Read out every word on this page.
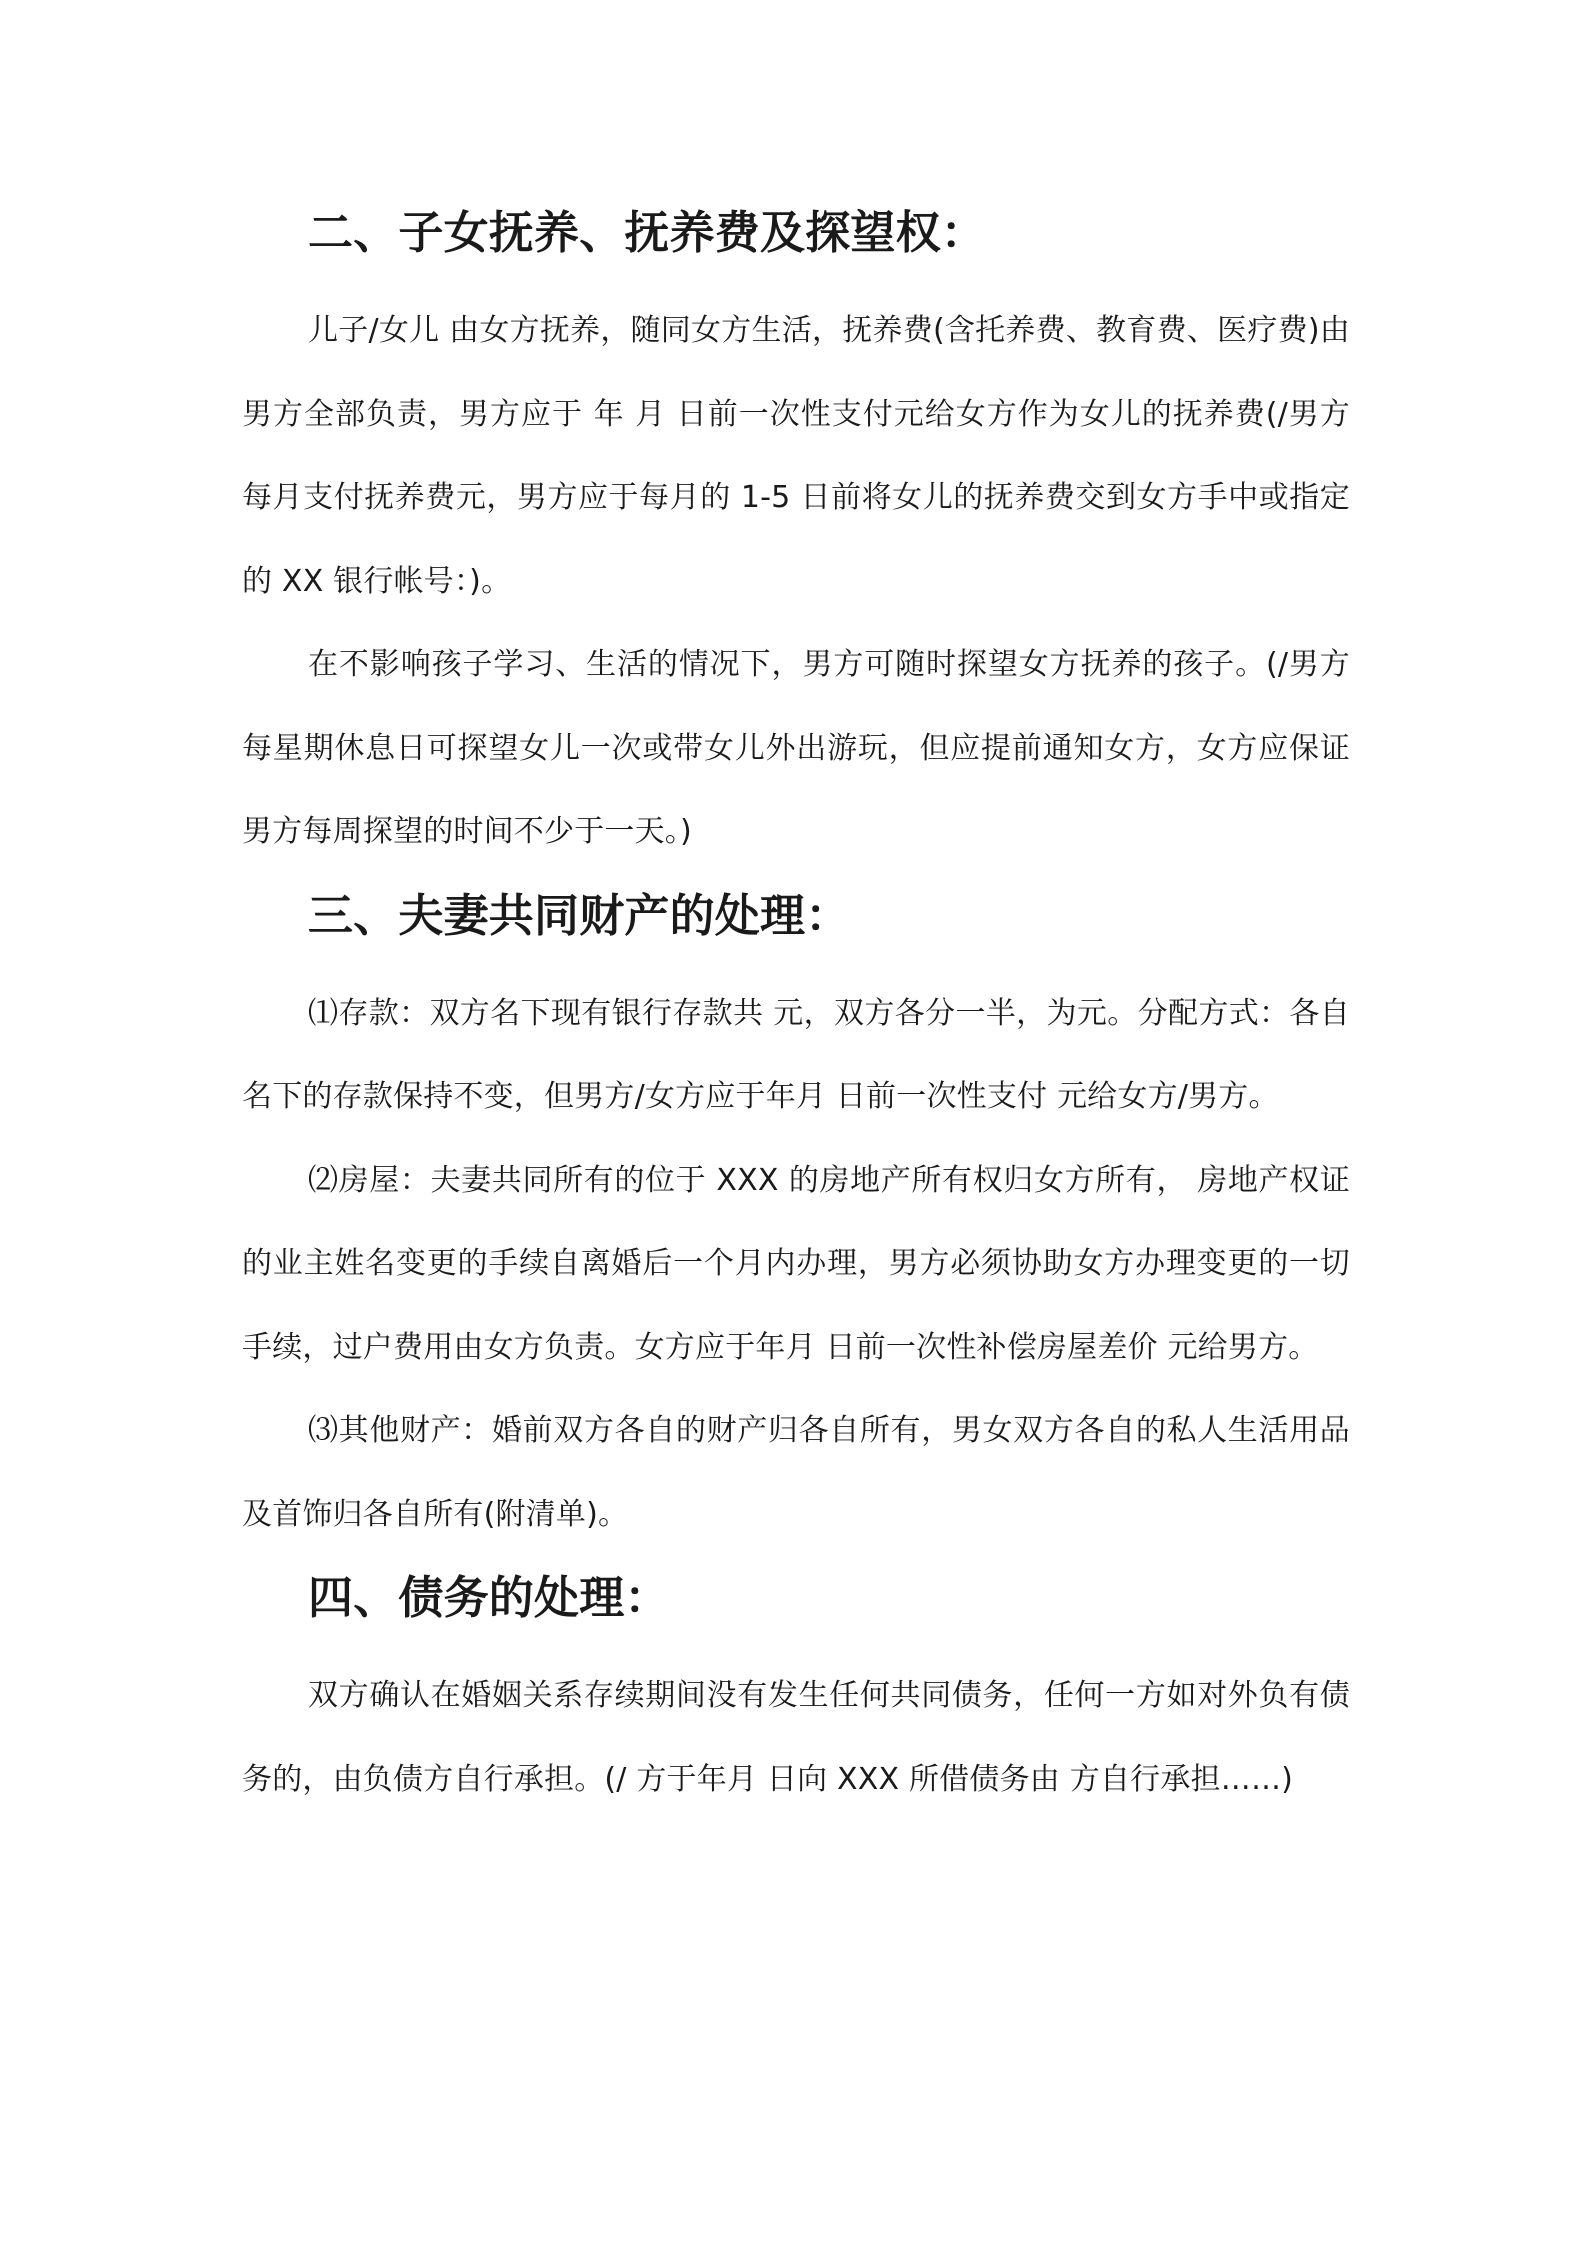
二、子女抚养、抚养费及探望权：

儿子/女儿 由女方抚养，随同女方生活，抚养费(含托养费、教育费、医疗费)由男方全部负责，男方应于 年 月 日前一次性支付元给女方作为女儿的抚养费(/男方每月支付抚养费元，男方应于每月的 1-5 日前将女儿的抚养费交到女方手中或指定的 XX 银行帐号：)。

在不影响孩子学习、生活的情况下，男方可随时探望女方抚养的孩子。(/男方每星期休息日可探望女儿一次或带女儿外出游玩，但应提前通知女方，女方应保证男方每周探望的时间不少于一天。)

三、夫妻共同财产的处理：

⑴存款：双方名下现有银行存款共 元，双方各分一半，为元。分配方式：各自名下的存款保持不变，但男方/女方应于年月 日前一次性支付 元给女方/男方。

⑵房屋：夫妻共同所有的位于 XXX 的房地产所有权归女方所有， 房地产权证的业主姓名变更的手续自离婚后一个月内办理，男方必须协助女方办理变更的一切手续，过户费用由女方负责。女方应于年月 日前一次性补偿房屋差价 元给男方。

⑶其他财产：婚前双方各自的财产归各自所有，男女双方各自的私人生活用品及首饰归各自所有(附清单)。

四、债务的处理：

双方确认在婚姻关系存续期间没有发生任何共同债务，任何一方如对外负有债务的，由负债方自行承担。(/ 方于年月 日向 XXX 所借债务由 方自行承担……)
